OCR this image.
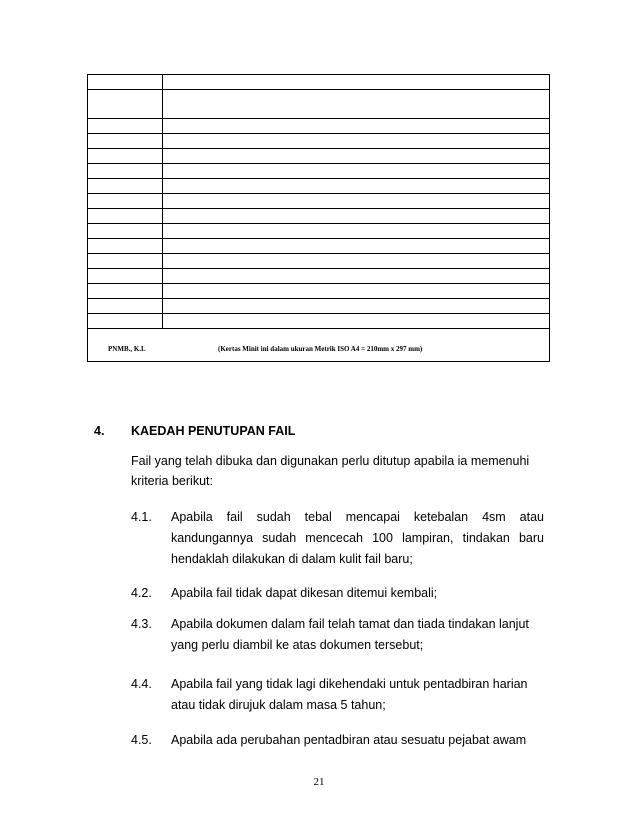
PNMB., K.L (Kertas Minit ini dalam ukuran Metrik ISO A4 = 210mm x 297 mm)	
4. KAEDAH PENUTUPAN FAIL
Fail yang telah dibuka dan digunakan perlu ditutup apabila ia memenuhi kriteria berikut:
4.1. Apabila fail sudah tebal mencapai ketebalan 4sm atau kandungannya sudah mencecah 100 lampiran, tindakan baru hendaklah dilakukan di dalam kulit fail baru;
4.2. Apabila fail tidak dapat dikesan ditemui kembali;
4.3. Apabila dokumen dalam fail telah tamat dan tiada tindakan lanjut yang perlu diambil ke atas dokumen tersebut;
4.4. Apabila fail yang tidak lagi dikehendaki untuk pentadbiran harian atau tidak dirujuk dalam masa 5 tahun;
4.5. Apabila ada perubahan pentadbiran atau sesuatu pejabat awam
21
